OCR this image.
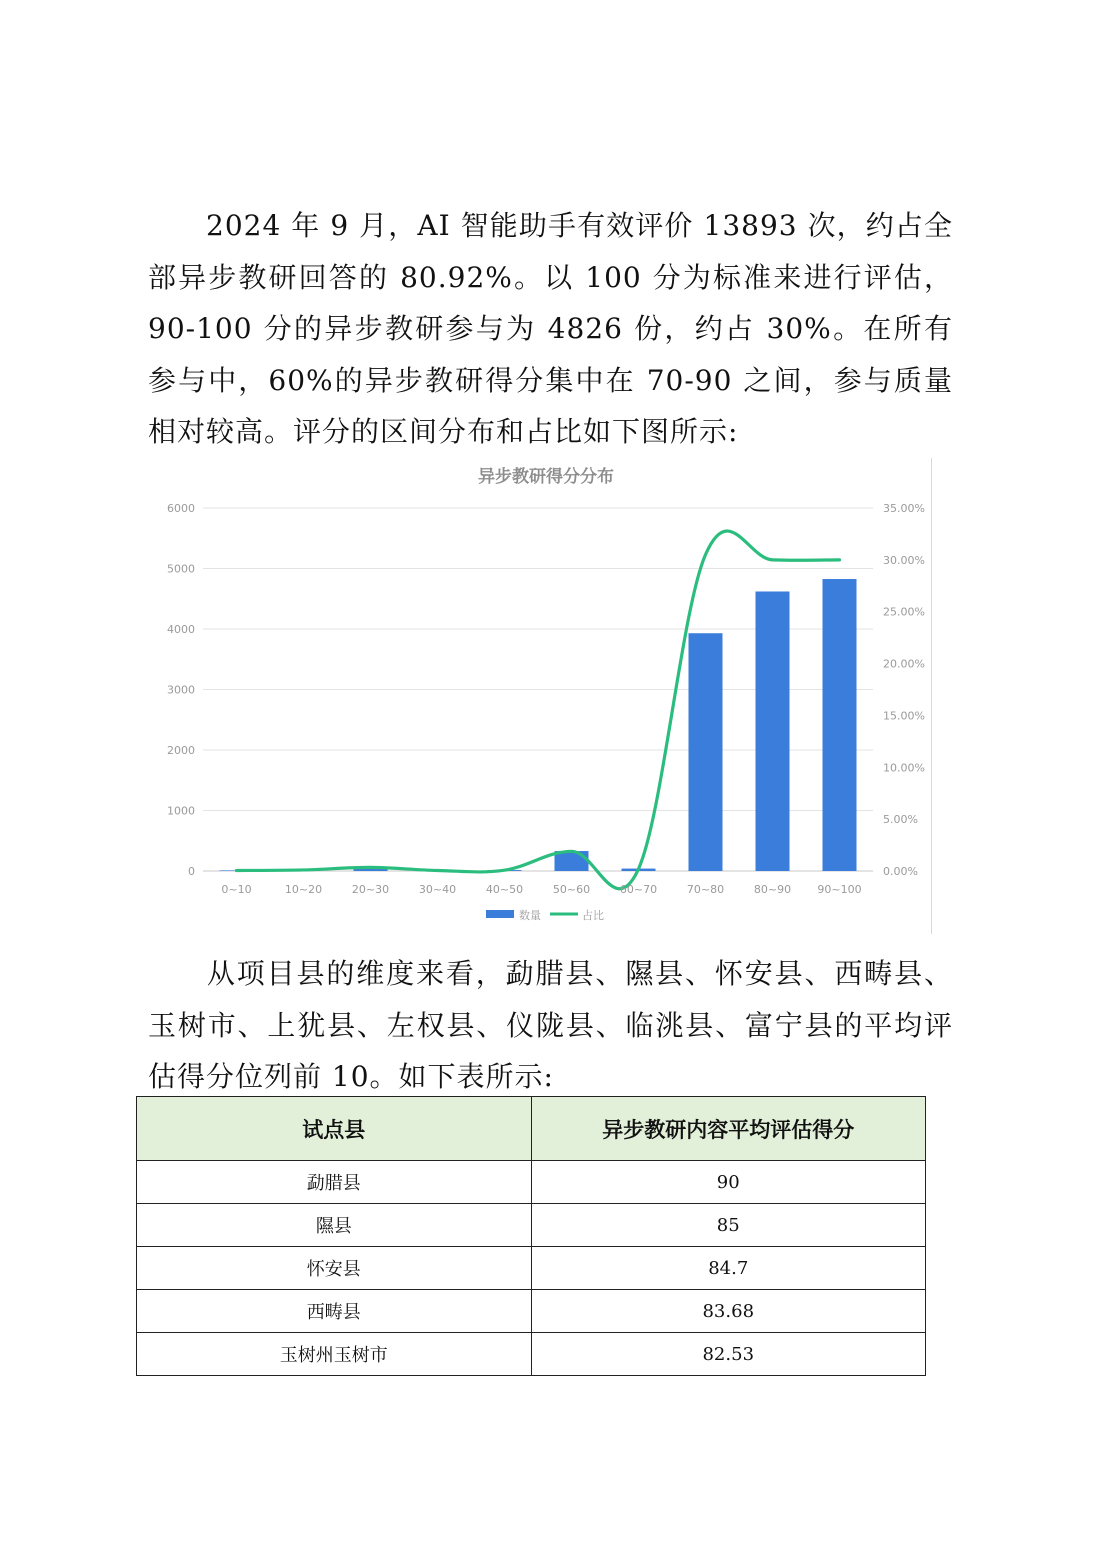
2024 年 9 月，AI 智能助手有效评价 13893 次，约占全部异步教研回答的 80.92%。以 100 分为标准来进行评估，90-100 分的异步教研参与为 4826 份，约占 30%。在所有参与中，60%的异步教研得分集中在 70-90 之间，参与质量相对较高。评分的区间分布和占比如下图所示:

异步教研得分分布
0
1000
2000
3000
4000
5000
6000
0.00%
5.00%
10.00%
15.00%
20.00%
25.00%
30.00%
35.00%
0~10	10~20	20~30	30~40	40~50	50~60	60~70	70~80	80~90 90~100
数量	占比

从项目县的维度来看，勐腊县、隰县、怀安县、西畴县、玉树市、上犹县、左权县、仪陇县、临洮县、富宁县的平均评估得分位列前 10。如下表所示:

试点县	异步教研内容平均评估得分
勐腊县	90
隰县	85
怀安县	84.7
西畴县	83.68
玉树州玉树市	82.53
